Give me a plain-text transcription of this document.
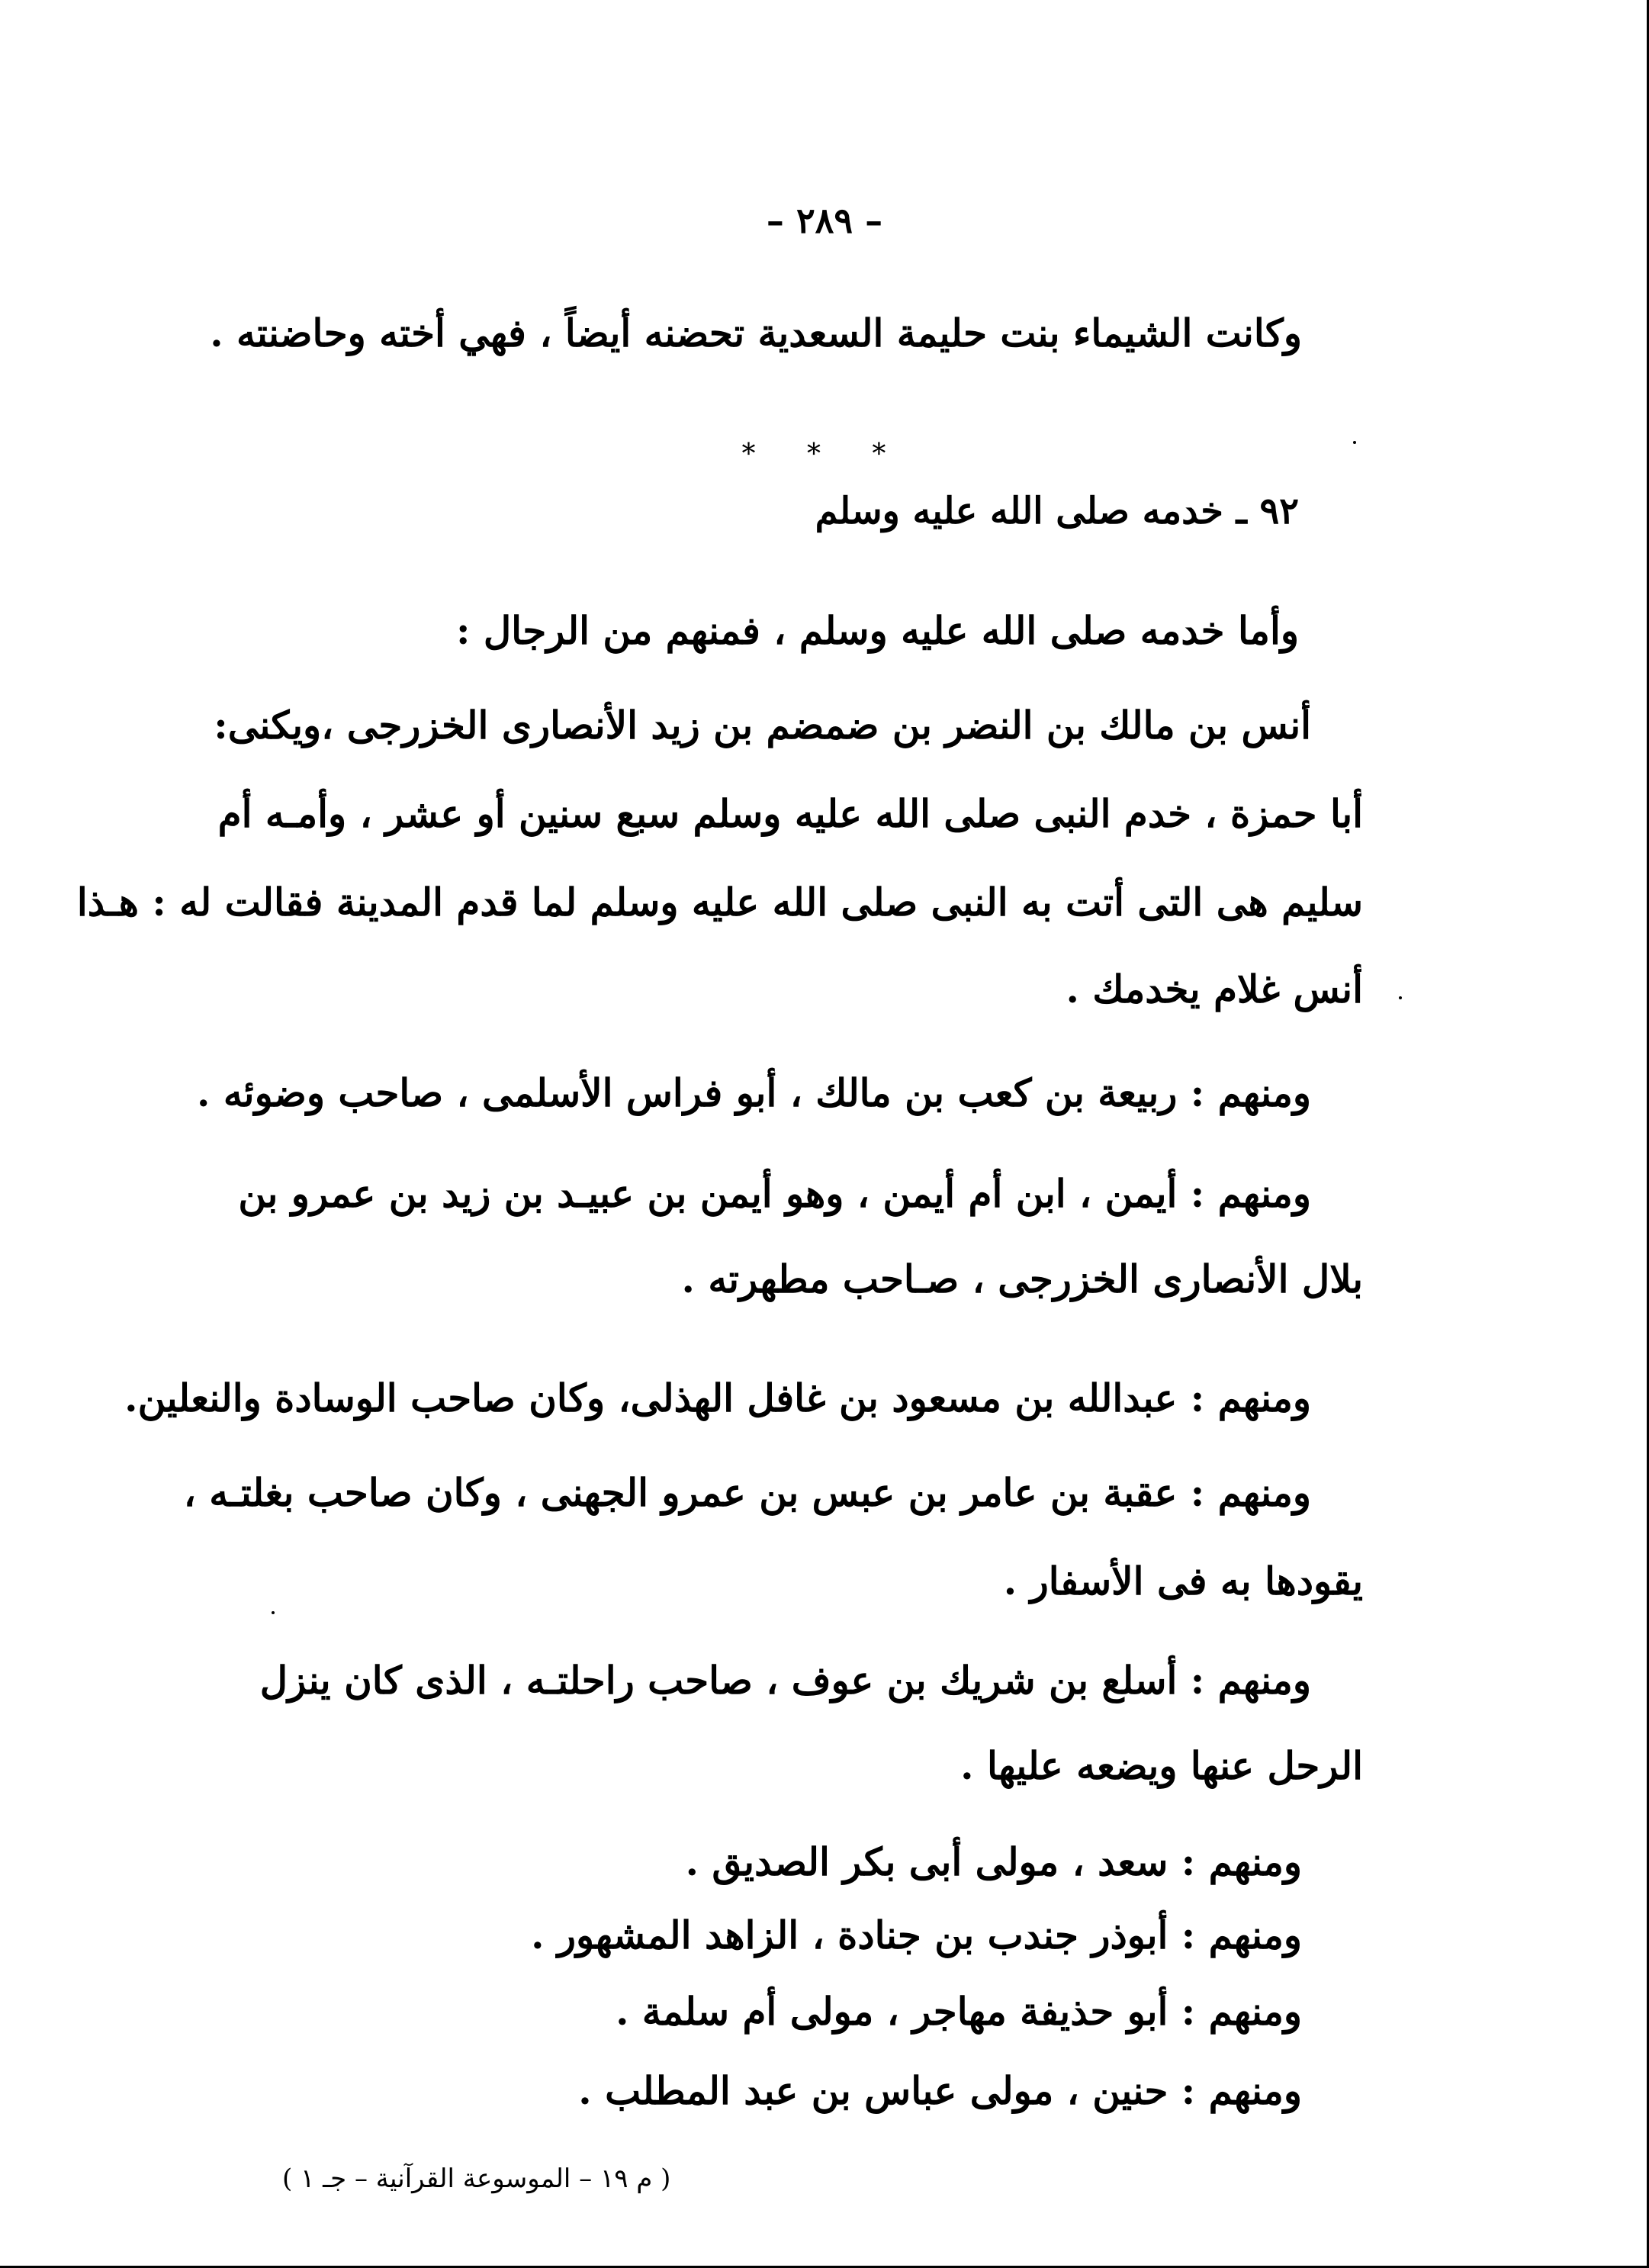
– ٢٨٩ –
وكانت الشيماء بنت حليمة السعدية تحضنه أيضاً ، فهي أخته وحاضنته .
* * *
٩٢ ـ خدمه صلى الله عليه وسلم
وأما خدمه صلى الله عليه وسلم ، فمنهم من الرجال :
أنس بن مالك بن النضر بن ضمضم بن زيد الأنصارى الخزرجى ،ويكنى:
أبا حمزة ، خدم النبى صلى الله عليه وسلم سبع سنين أو عشر ، وأمـه أم
سليم هى التى أتت به النبى صلى الله عليه وسلم لما قدم المدينة فقالت له : هـذا
أنس غلام يخدمك .
ومنهم : ربيعة بن كعب بن مالك ، أبو فراس الأسلمى ، صاحب وضوئه .
ومنهم : أيمن ، ابن أم أيمن ، وهو أيمن بن عبيـد بن زيد بن عمرو بن
بلال الأنصارى الخزرجى ، صـاحب مطهرته .
ومنهم : عبدالله بن مسعود بن غافل الهذلى، وكان صاحب الوسادة والنعلين.
ومنهم : عقبة بن عامر بن عبس بن عمرو الجهنى ، وكان صاحب بغلتـه ،
يقودها به فى الأسفار .
ومنهم : أسلع بن شريك بن عوف ، صاحب راحلتـه ، الذى كان ينزل
الرحل عنها ويضعه عليها .
ومنهم : سعد ، مولى أبى بكر الصديق .
ومنهم : أبوذر جندب بن جنادة ، الزاهد المشهور .
ومنهم : أبو حذيفة مهاجر ، مولى أم سلمة .
ومنهم : حنين ، مولى عباس بن عبد المطلب .
( م ١٩ – الموسوعة القرآنية – جـ ١ )
